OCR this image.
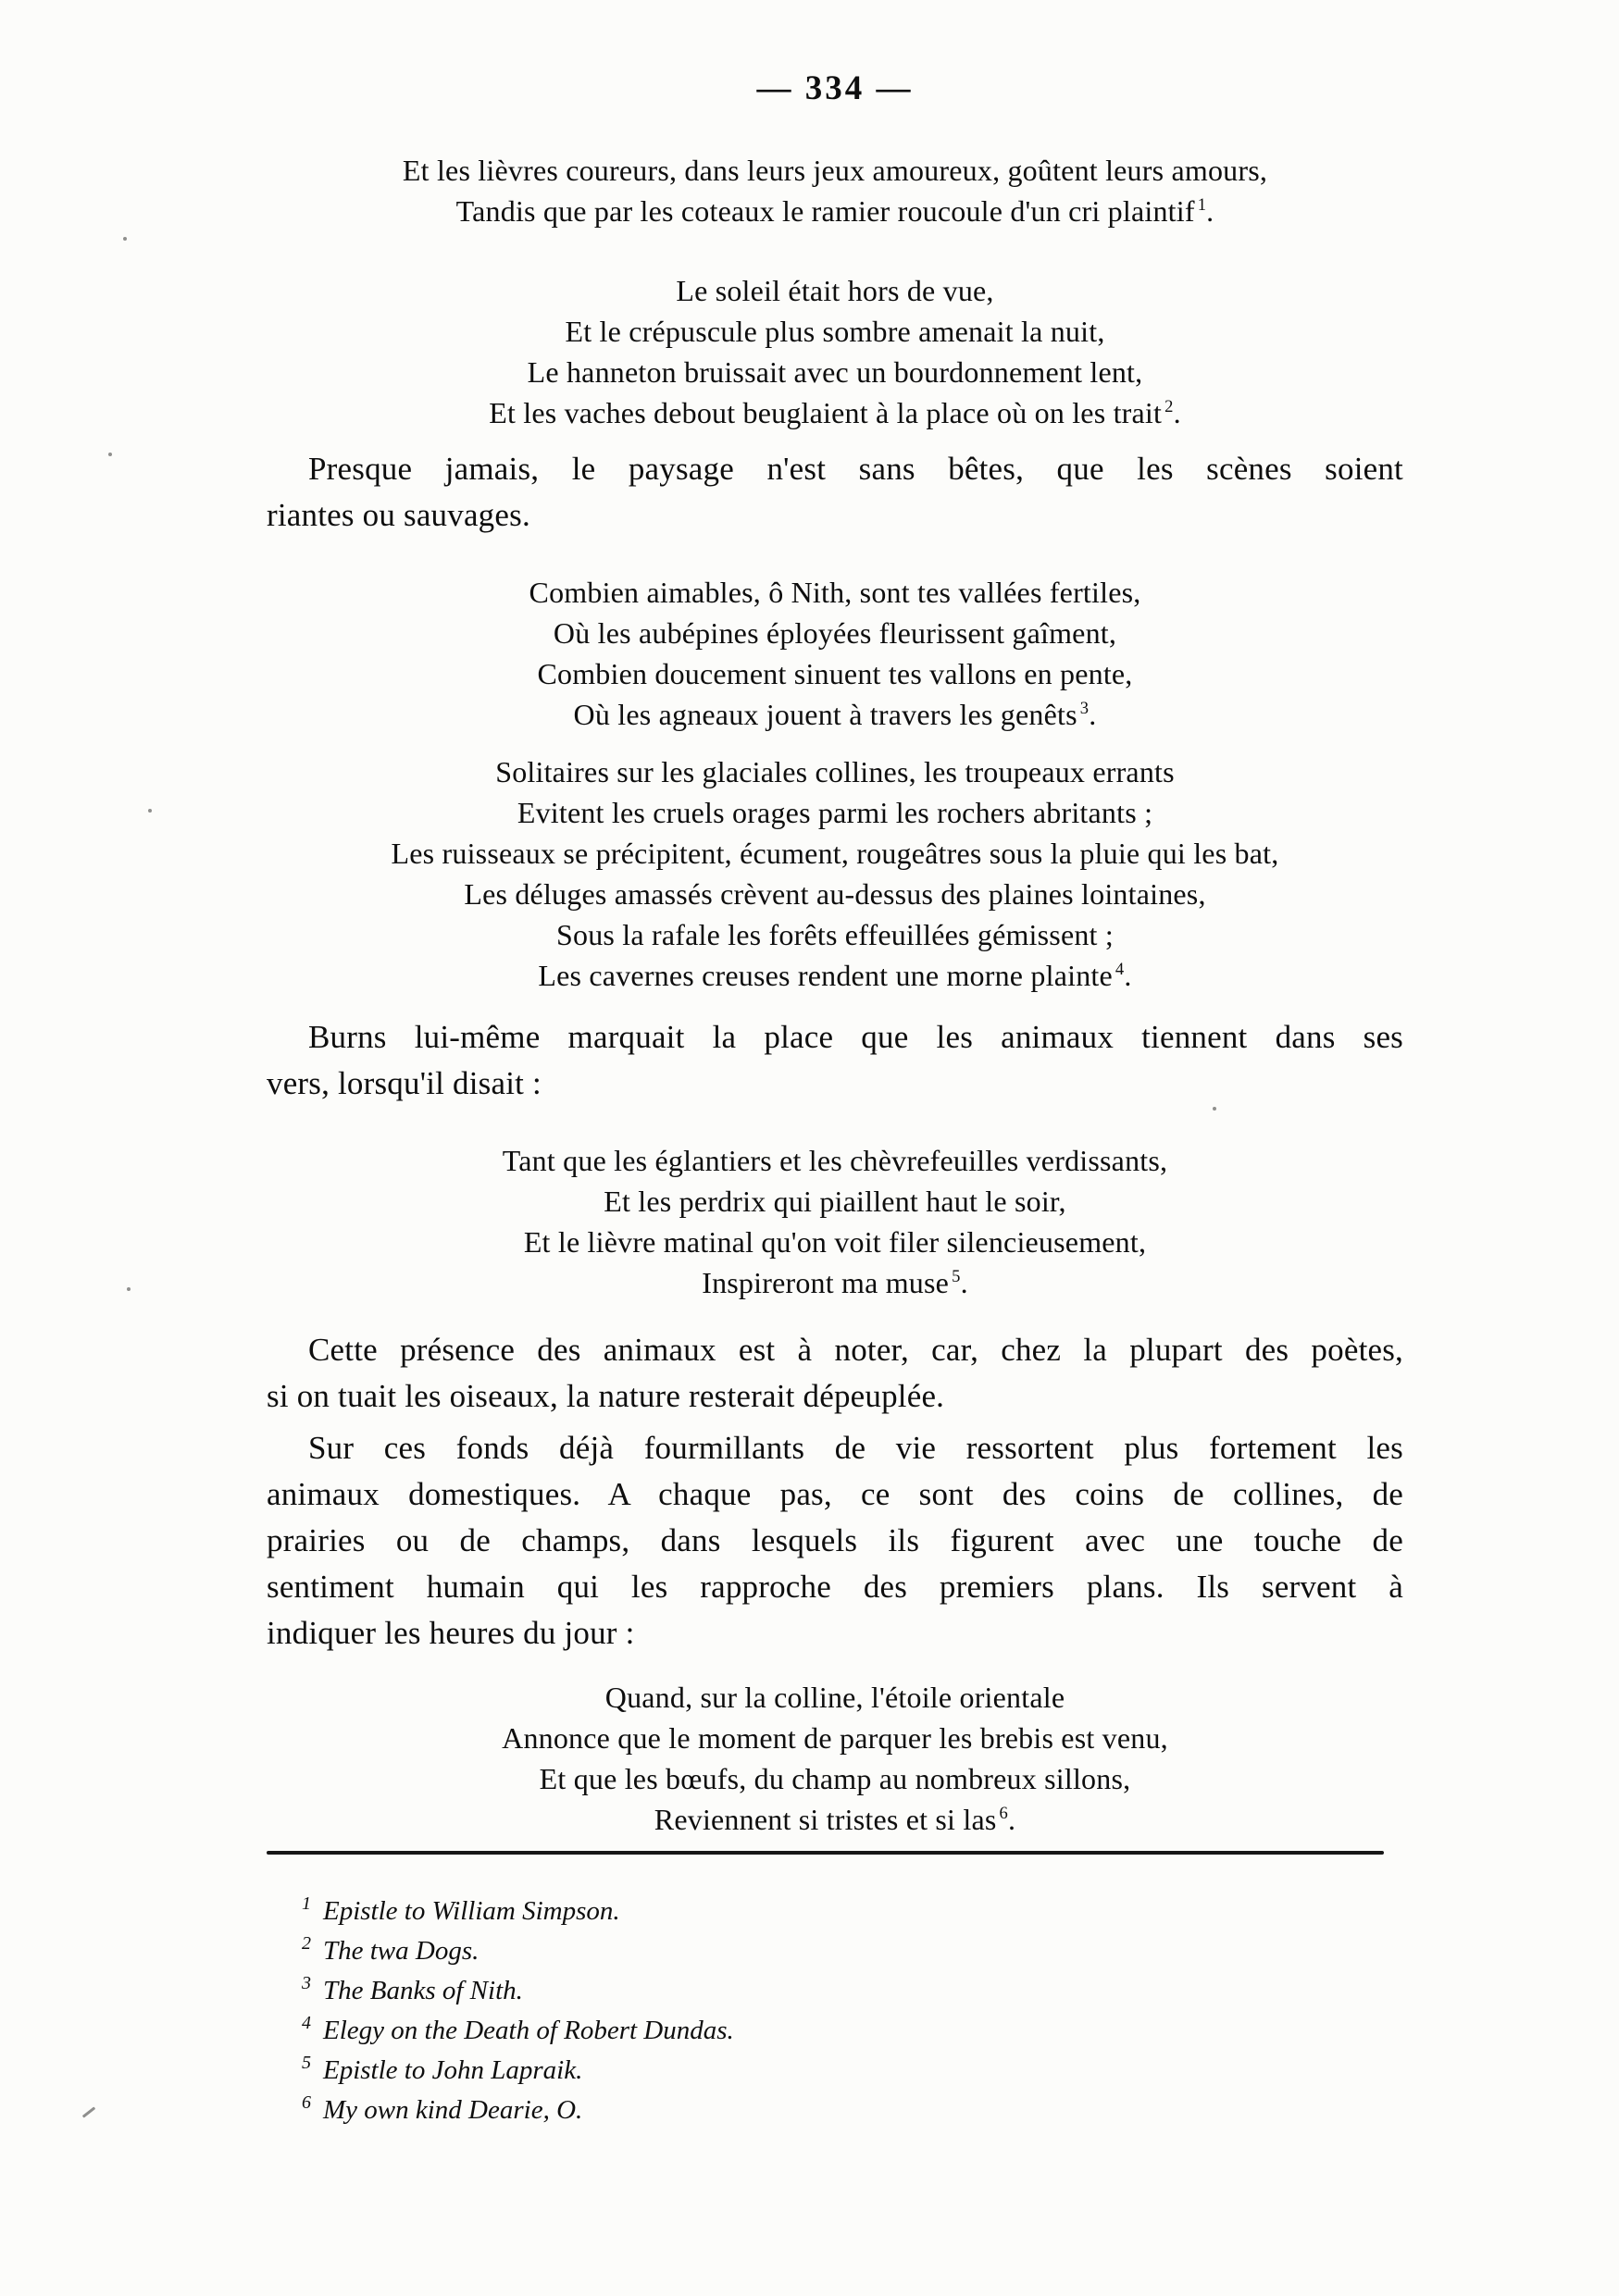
— 334 —
Et les lièvres coureurs, dans leurs jeux amoureux, goûtent leurs amours,
Tandis que par les coteaux le ramier roucoule d'un cri plaintif $^1$.
Le soleil était hors de vue,
Et le crépuscule plus sombre amenait la nuit,
Le hanneton bruissait avec un bourdonnement lent,
Et les vaches debout beuglaient à la place où on les trait $^2$.
Presque jamais, le paysage n'est sans bêtes, que les scènes soient
riantes ou sauvages.
Combien aimables, ô Nith, sont tes vallées fertiles,
Où les aubépines éployées fleurissent gaîment,
Combien doucement sinuent tes vallons en pente,
Où les agneaux jouent à travers les genêts $^3$.
Solitaires sur les glaciales collines, les troupeaux errants
Evitent les cruels orages parmi les rochers abritants ;
Les ruisseaux se précipitent, écument, rougeâtres sous la pluie qui les bat,
Les déluges amassés crèvent au-dessus des plaines lointaines,
Sous la rafale les forêts effeuillées gémissent ;
Les cavernes creuses rendent une morne plainte $^4$.
Burns lui-même marquait la place que les animaux tiennent dans ses
vers, lorsqu'il disait :
Tant que les églantiers et les chèvrefeuilles verdissants,
Et les perdrix qui piaillent haut le soir,
Et le lièvre matinal qu'on voit filer silencieusement,
Inspireront ma muse $^5$.
Cette présence des animaux est à noter, car, chez la plupart des poètes,
si on tuait les oiseaux, la nature resterait dépeuplée.
Sur ces fonds déjà fourmillants de vie ressortent plus fortement les
animaux domestiques. A chaque pas, ce sont des coins de collines, de
prairies ou de champs, dans lesquels ils figurent avec une touche de
sentiment humain qui les rapproche des premiers plans. Ils servent à
indiquer les heures du jour :
Quand, sur la colline, l'étoile orientale
Annonce que le moment de parquer les brebis est venu,
Et que les bœufs, du champ au nombreux sillons,
Reviennent si tristes et si las $^6$.
$^1$ Epistle to William Simpson.
$^2$ The twa Dogs.
$^3$ The Banks of Nith.
$^4$ Elegy on the Death of Robert Dundas.
$^5$ Epistle to John Lapraik.
$^6$ My own kind Dearie, O.
